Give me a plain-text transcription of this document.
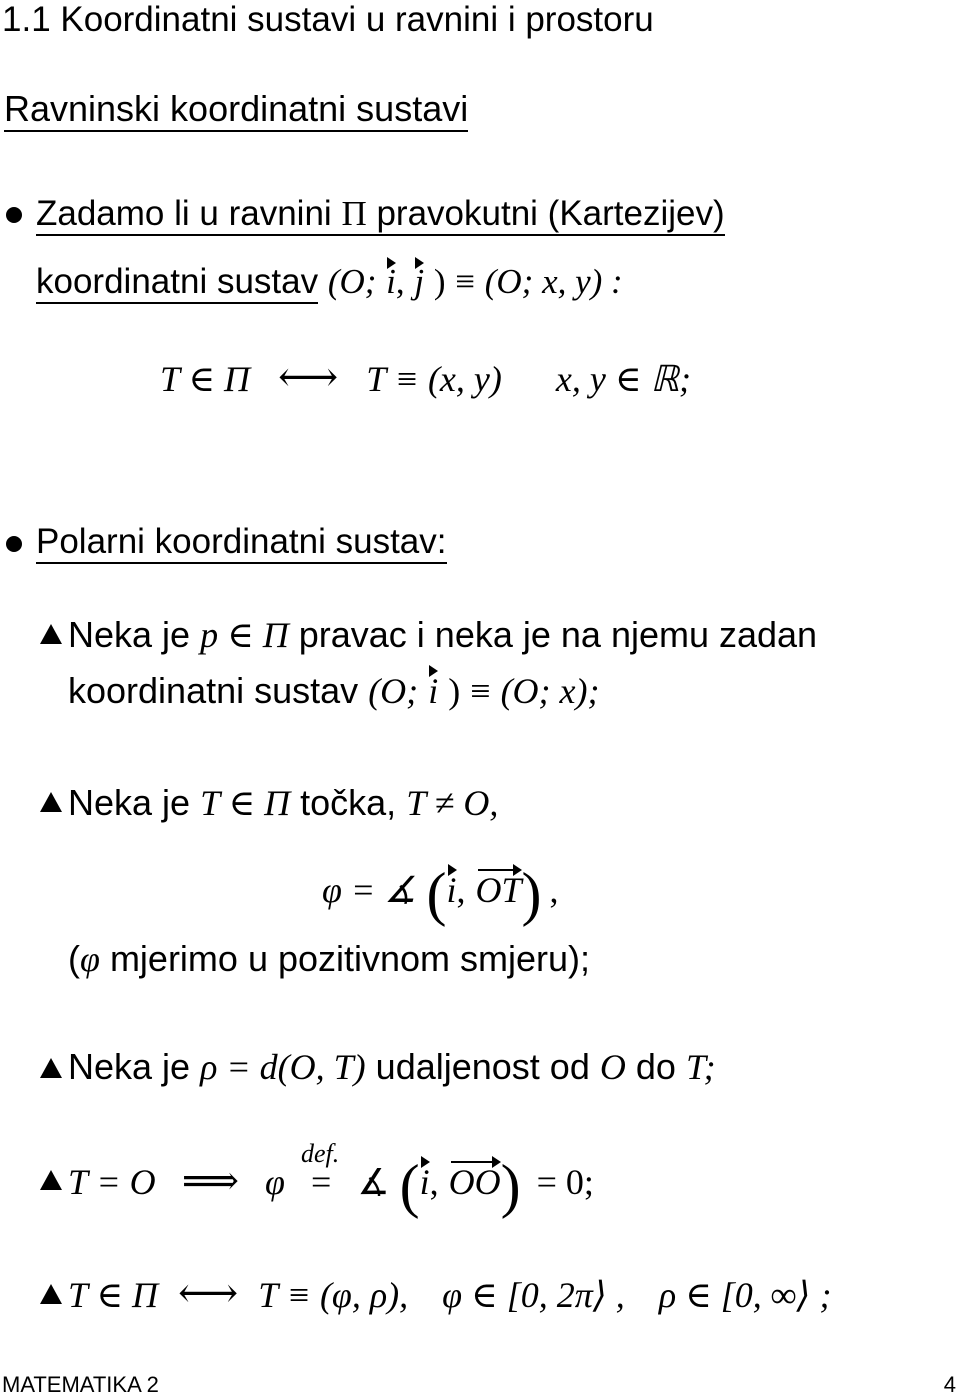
1.1 Koordinatni sustavi u ravnini i prostoru
Ravninski koordinatni sustavi
Zadamo li u ravnini Π pravokutni (Kartezijev)
koordinatni sustav (O; i, j ) ≡ (O; x, y) :
T ∈ Π ⟷ T ≡ (x, y) x, y ∈ ℝ;
Polarni koordinatni sustav:
Neka je p ∈ Π pravac i neka je na njemu zadan
koordinatni sustav (O; i ) ≡ (O; x);
Neka je T ∈ Π točka, T ≠ O,
φ = ∡ (i, OT) ,
(φ mjerimo u pozitivnom smjeru);
Neka je ρ = d(O, T) udaljenost od O do T;
T = O ⟹ φ
def.
= ∡ (i, OO) = 0;
T ∈ Π ⟷ T ≡ (φ, ρ), φ ∈ [0, 2π⟩ , ρ ∈ [0, ∞⟩ ;
MATEMATIKA 2	4
